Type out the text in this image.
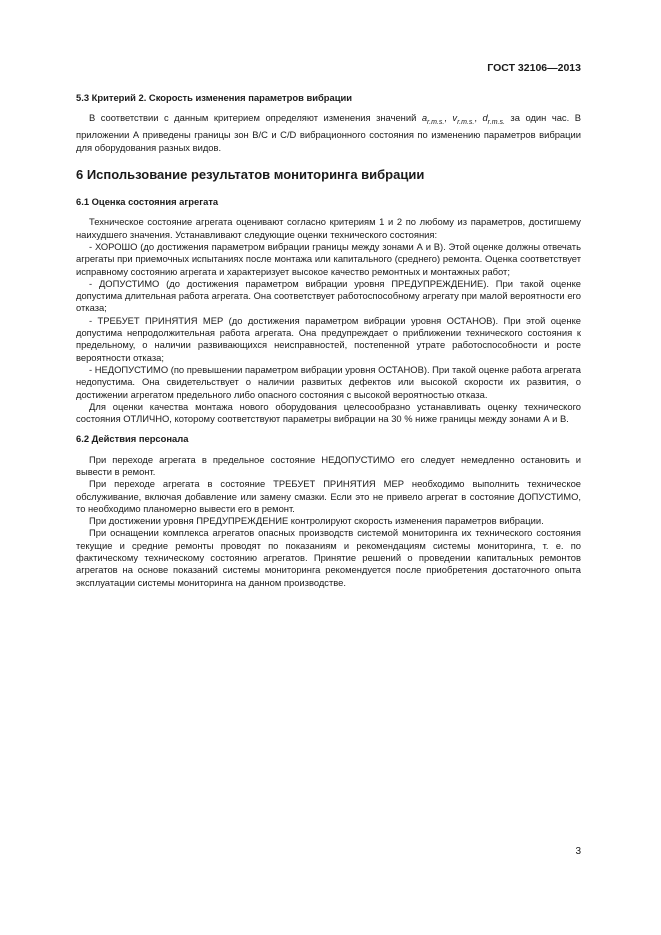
ГОСТ 32106—2013
5.3 Критерий 2. Скорость изменения параметров вибрации

В соответствии с данным критерием определяют изменения значений $a_{r.m.s.}$, $v_{r.m.s.}$, $d_{r.m.s.}$ за один час. В приложении А приведены границы зон B/C и C/D вибрационного состояния по изменению параметров вибрации для оборудования разных видов.

6 Использование результатов мониторинга вибрации
6.1 Оценка состояния агрегата

Техническое состояние агрегата оценивают согласно критериям 1 и 2 по любому из параметров, достигшему наихудшего значения. Устанавливают следующие оценки технического состояния:

- ХОРОШО (до достижения параметром вибрации границы между зонами А и В). Этой оценке должны отвечать агрегаты при приемочных испытаниях после монтажа или капитального (среднего) ремонта. Оценка соответствует исправному состоянию агрегата и характеризует высокое качество ремонтных и монтажных работ;

- ДОПУСТИМО (до достижения параметром вибрации уровня ПРЕДУПРЕЖДЕНИЕ). При такой оценке допустима длительная работа агрегата. Она соответствует работоспособному агрегату при малой вероятности его отказа;

- ТРЕБУЕТ ПРИНЯТИЯ МЕР (до достижения параметром вибрации уровня ОСТАНОВ). При этой оценке допустима непродолжительная работа агрегата. Она предупреждает о приближении технического состояния к предельному, о наличии развивающихся неисправностей, постепенной утрате работоспособности и росте вероятности отказа;

- НЕДОПУСТИМО (по превышении параметром вибрации уровня ОСТАНОВ). При такой оценке работа агрегата недопустима. Она свидетельствует о наличии развитых дефектов или высокой скорости их развития, о достижении агрегатом предельного либо опасного состояния с высокой вероятностью отказа.

Для оценки качества монтажа нового оборудования целесообразно устанавливать оценку технического состояния ОТЛИЧНО, которому соответствуют параметры вибрации на 30 % ниже границы между зонами А и В.

6.2 Действия персонала

При переходе агрегата в предельное состояние НЕДОПУСТИМО его следует немедленно остановить и вывести в ремонт.

При переходе агрегата в состояние ТРЕБУЕТ ПРИНЯТИЯ МЕР необходимо выполнить техническое обслуживание, включая добавление или замену смазки. Если это не привело агрегат в состояние ДОПУСТИМО, то необходимо планомерно вывести его в ремонт.

При достижении уровня ПРЕДУПРЕЖДЕНИЕ контролируют скорость изменения параметров вибрации.

При оснащении комплекса агрегатов опасных производств системой мониторинга их технического состояния текущие и средние ремонты проводят по показаниям и рекомендациям системы мониторинга, т. е. по фактическому техническому состоянию агрегатов. Принятие решений о проведении капитальных ремонтов агрегатов на основе показаний системы мониторинга рекомендуется после приобретения достаточного опыта эксплуатации системы мониторинга на данном производстве.

3
